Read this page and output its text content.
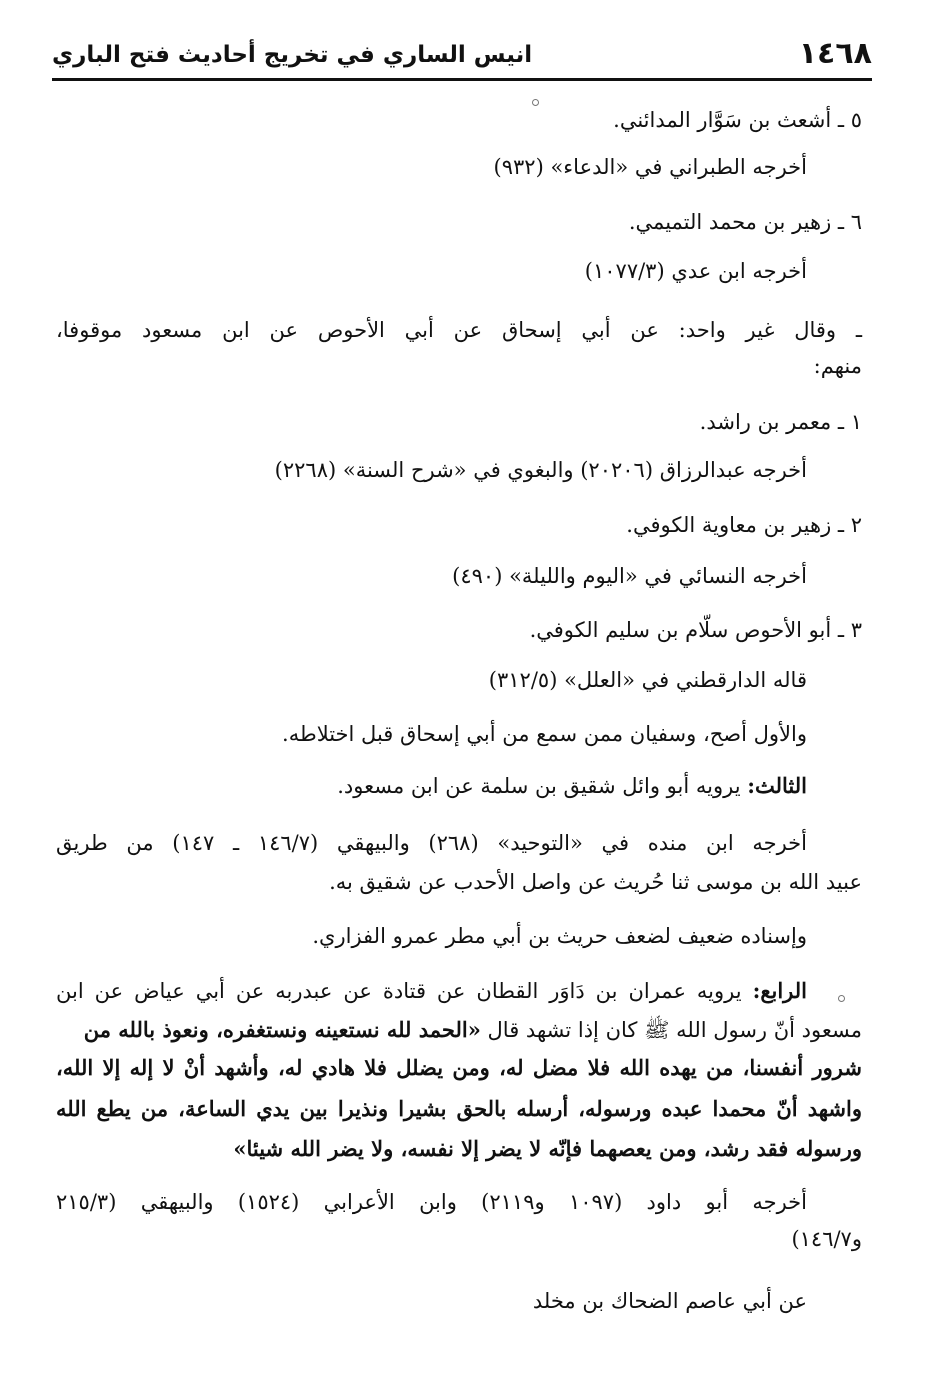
١٤٦٨
انيس الساري في تخريج أحاديث فتح الباري
٥ ـ أشعث بن سَوَّار المدائني.
أخرجه الطبراني في «الدعاء» (٩٣٢)
٦ ـ زهير بن محمد التميمي.
أخرجه ابن عدي (١٠٧٧/٣)
ـ وقال غير واحد: عن أبي إسحاق عن أبي الأحوص عن ابن مسعود موقوفا،
منهم:
١ ـ معمر بن راشد.
أخرجه عبدالرزاق (٢٠٢٠٦) والبغوي في «شرح السنة» (٢٢٦٨)
٢ ـ زهير بن معاوية الكوفي.
أخرجه النسائي في «اليوم والليلة» (٤٩٠)
٣ ـ أبو الأحوص سلّام بن سليم الكوفي.
قاله الدارقطني في «العلل» (٣١٢/٥)
والأول أصح، وسفيان ممن سمع من أبي إسحاق قبل اختلاطه.
الثالث: يرويه أبو وائل شقيق بن سلمة عن ابن مسعود.
أخرجه ابن منده في «التوحيد» (٢٦٨) والبيهقي (١٤٦/٧ ـ ١٤٧) من طريق
عبيد الله بن موسى ثنا حُريث عن واصل الأحدب عن شقيق به.
وإسناده ضعيف لضعف حريث بن أبي مطر عمرو الفزاري.
الرابع: يرويه عمران بن دَاوَر القطان عن قتادة عن عبدربه عن أبي عياض عن ابن
مسعود أنّ رسول الله ﷺ كان إذا تشهد قال «الحمد لله نستعينه ونستغفره، ونعوذ بالله من
شرور أنفسنا، من يهده الله فلا مضل له، ومن يضلل فلا هادي له، وأشهد أنْ لا إله إلا الله،
واشهد أنّ محمدا عبده ورسوله، أرسله بالحق بشيرا ونذيرا بين يدي الساعة، من يطع الله
ورسوله فقد رشد، ومن يعصهما فإنّه لا يضر إلا نفسه، ولا يضر الله شيئا»
أخرجه أبو داود (١٠٩٧ و٢١١٩) وابن الأعرابي (١٥٢٤) والبيهقي (٢١٥/٣
و١٤٦/٧)
عن أبي عاصم الضحاك بن مخلد
